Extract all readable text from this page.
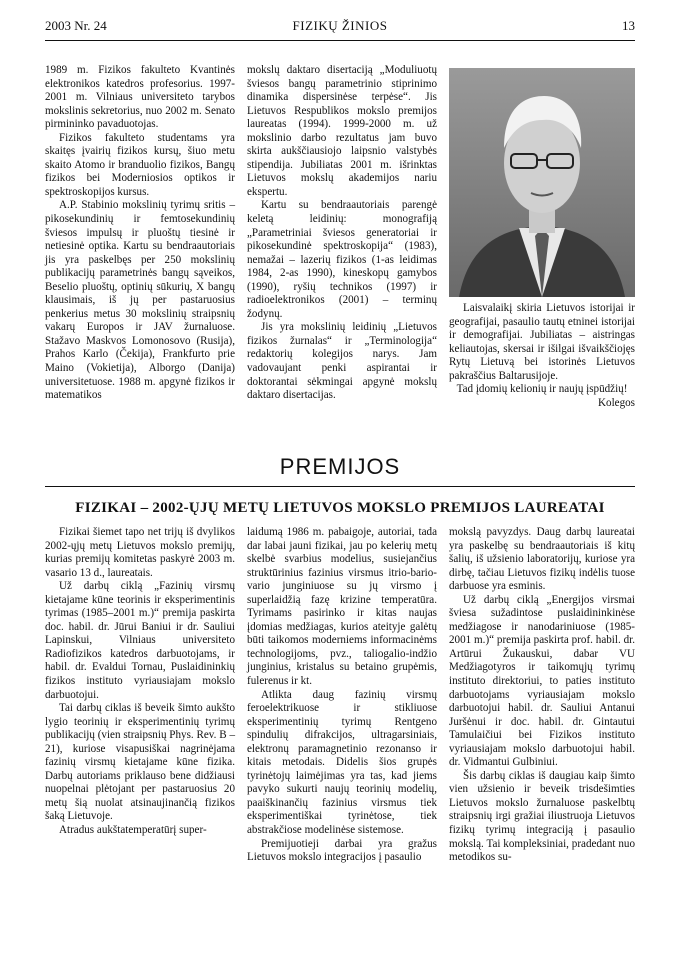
2003 Nr. 24	FIZIKŲ ŽINIOS	13

1989 m. Fizikos fakulteto Kvantinės elektronikos katedros profesorius. 1997-2001 m. Vilniaus universiteto tarybos mokslinis sekretorius, nuo 2002 m. Senato pirmininko pavaduotojas.

Fizikos fakulteto studentams yra skaitęs įvairių fizikos kursų, šiuo metu skaito Atomo ir branduolio fizikos, Bangų fizikos bei Moderniosios optikos ir spektroskopijos kursus.

A.P. Stabinio mokslinių tyrimų sritis – pikosekundinių ir femtosekundinių šviesos impulsų ir pluoštų tiesinė ir netiesinė optika. Kartu su bendraautoriais jis yra paskelbęs per 250 mokslinių publikacijų parametrinės bangų sąveikos, Beselio pluoštų, optinių sūkurių, X bangų klausimais, iš jų per pastaruosius penkerius metus 30 mokslinių straipsnių vakarų Europos ir JAV žurnaluose. Stažavo Maskvos Lomonosovo (Rusija), Prahos Karlo (Čekija), Frankfurto prie Maino (Vokietija), Alborgo (Danija) universitetuose. 1988 m. apgynė fizikos ir matematikos

mokslų daktaro disertaciją „Moduliuotų šviesos bangų parametrinio stiprinimo dinamika dispersinėse terpėse“. Jis Lietuvos Respublikos mokslo premijos laureatas (1994). 1999-2000 m. už mokslinio darbo rezultatus jam buvo skirta aukščiausiojo laipsnio valstybės stipendija. Jubiliatas 2001 m. išrinktas Lietuvos mokslų akademijos nariu ekspertu.

Kartu su bendraautoriais parengė keletą leidinių: monografiją „Parametriniai šviesos generatoriai ir pikosekundinė spektroskopija“ (1983), nemažai – lazerių fizikos (1-as leidimas 1984, 2-as 1990), kineskopų gamybos (1990), ryšių technikos (1997) ir radioelektronikos (2001) – terminų žodynų.

Jis yra mokslinių leidinių „Lietuvos fizikos žurnalas“ ir „Terminologija“ redaktorių kolegijos narys. Jam vadovaujant penki aspirantai ir doktorantai sėkmingai apgynė mokslų daktaro disertacijas.

Laisvalaikį skiria Lietuvos istorijai ir geografijai, pasaulio tautų etninei istorijai ir demografijai. Jubiliatas – aistringas keliautojas, skersai ir išilgai išvaikščiojęs Rytų Lietuvą bei istorinės Lietuvos pakraščius Baltarusijoje.

Tad įdomių kelionių ir naujų įspūdžių!

Kolegos

PREMIJOS
FIZIKAI – 2002-ŲJŲ METŲ LIETUVOS MOKSLO PREMIJOS LAUREATAI

Fizikai šiemet tapo net trijų iš dvylikos 2002-ųjų metų Lietuvos mokslo premijų, kurias premijų komitetas paskyrė 2003 m. vasario 13 d., laureatais.

Už darbų ciklą „Fazinių virsmų kietajame kūne teorinis ir eksperimentinis tyrimas (1985–2001 m.)“ premija paskirta doc. habil. dr. Jūrui Baniui ir dr. Sauliui Lapinskui, Vilniaus universiteto Radiofizikos katedros darbuotojams, ir habil. dr. Evaldui Tornau, Puslaidininkių fizikos instituto vyriausiajam mokslo darbuotojui.

Tai darbų ciklas iš beveik šimto aukšto lygio teorinių ir eksperimentinių tyrimų publikacijų (vien straipsnių Phys. Rev. B – 21), kuriose visapusiškai nagrinėjama fazinių virsmų kietajame kūne fizika. Darbų autoriams priklauso bene didžiausi nuopelnai plėtojant per pastaruosius 20 metų šią nuolat atsinaujinančią fizikos šaką Lietuvoje.

Atradus aukštatemperatūrį super-

laidumą 1986 m. pabaigoje, autoriai, tada dar labai jauni fizikai, jau po kelerių metų skelbė svarbius modelius, susiejančius struktūrinius fazinius virsmus itrio-bario-vario junginiuose su jų virsmo į superlaidžią fazę krizine temperatūra. Tyrimams pasirinko ir kitas naujas įdomias medžiagas, kurios ateityje galėtų būti taikomos moderniems informacinėms technologijoms, pvz., taliogalio-indžio junginius, kristalus su betaino grupėmis, fulerenus ir kt.

Atlikta daug fazinių virsmų feroelektrikuose ir stikliuose eksperimentinių tyrimų Rentgeno spindulių difrakcijos, ultragarsiniais, elektronų paramagnetinio rezonanso ir kitais metodais. Didelis šios grupės tyrinėtojų laimėjimas yra tas, kad jiems pavyko sukurti naujų teorinių modelių, paaiškinančių fazinius virsmus tiek eksperimentiškai tyrinėtose, tiek abstrakčiose modelinėse sistemose.

Premijuotieji darbai yra gražus Lietuvos mokslo integracijos į pasaulio

mokslą pavyzdys. Daug darbų laureatai yra paskelbę su bendraautoriais iš kitų šalių, iš užsienio laboratorijų, kuriose yra dirbę, tačiau Lietuvos fizikų indėlis tuose darbuose yra esminis.

Už darbų ciklą „Energijos virsmai šviesa sužadintose puslaidininkinėse medžiagose ir nanodariniuose (1985-2001 m.)“ premija paskirta prof. habil. dr. Artūrui Žukauskui, dabar VU Medžiagotyros ir taikomųjų tyrimų instituto direktoriui, to paties instituto darbuotojams vyriausiajam mokslo darbuotojui habil. dr. Sauliui Antanui Juršėnui ir doc. habil. dr. Gintautui Tamulaičiui bei Fizikos instituto vyriausiajam mokslo darbuotojui habil. dr. Vidmantui Gulbiniui.

Šis darbų ciklas iš daugiau kaip šimto vien užsienio ir beveik trisdešimties Lietuvos mokslo žurnaluose paskelbtų straipsnių irgi gražiai iliustruoja Lietuvos fizikų tyrimų integraciją į pasaulio mokslą. Tai kompleksiniai, pradedant nuo metodikos su-
